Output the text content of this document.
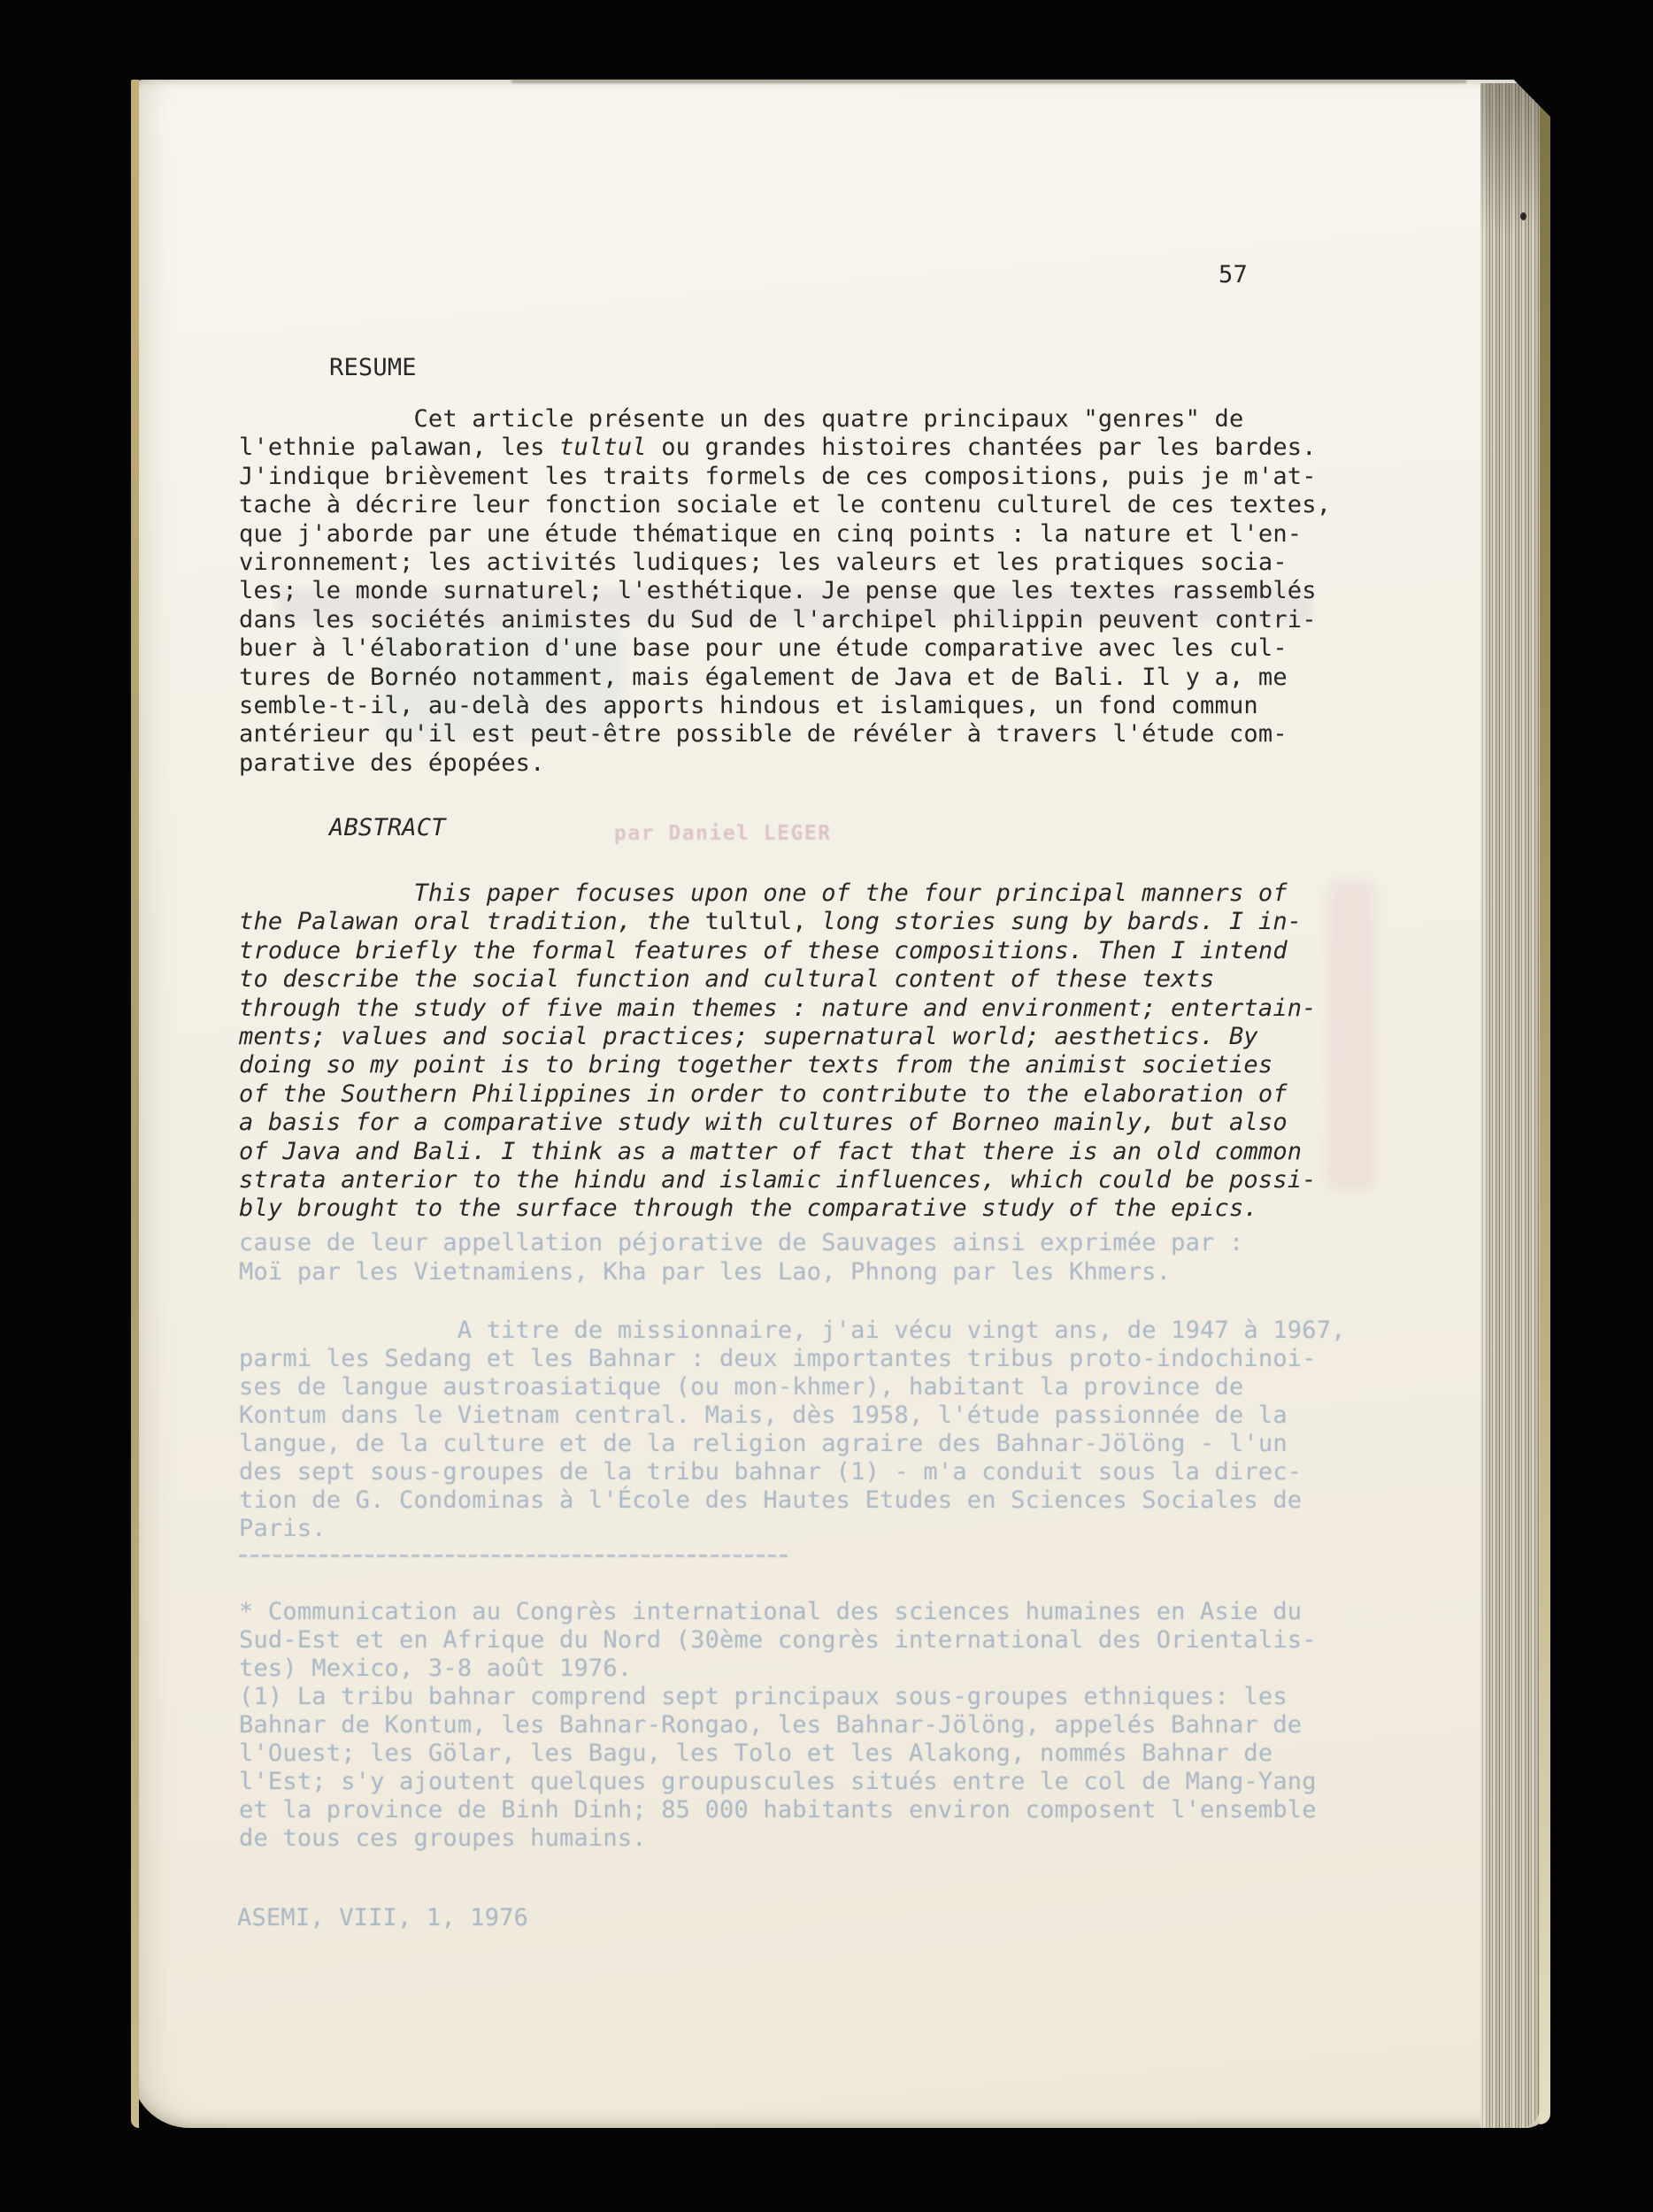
57
RESUME
Cet article présente un des quatre principaux "genres" de
l'ethnie palawan, les tultul ou grandes histoires chantées par les bardes.
J'indique brièvement les traits formels de ces compositions, puis je m'at-
tache à décrire leur fonction sociale et le contenu culturel de ces textes,
que j'aborde par une étude thématique en cinq points : la nature et l'en-
vironnement; les activités ludiques; les valeurs et les pratiques socia-
les; le monde surnaturel; l'esthétique. Je pense que les textes rassemblés
dans les sociétés animistes du Sud de l'archipel philippin peuvent contri-
buer à l'élaboration d'une base pour une étude comparative avec les cul-
tures de Bornéo notamment, mais également de Java et de Bali. Il y a, me
semble-t-il, au-delà des apports hindous et islamiques, un fond commun
antérieur qu'il est peut-être possible de révéler à travers l'étude com-
parative des épopées.
ABSTRACT	par Daniel LEGER
This paper focuses upon one of the four principal manners of
the Palawan oral tradition, the tultul, long stories sung by bards. I in-
troduce briefly the formal features of these compositions. Then I intend
to describe the social function and cultural content of these texts
through the study of five main themes : nature and environment; entertain-
ments; values and social practices; supernatural world; aesthetics. By
doing so my point is to bring together texts from the animist societies
of the Southern Philippines in order to contribute to the elaboration of
a basis for a comparative study with cultures of Borneo mainly, but also
of Java and Bali. I think as a matter of fact that there is an old common
strata anterior to the hindu and islamic influences, which could be possi-
bly brought to the surface through the comparative study of the epics.
cause de leur appellation péjorative de Sauvages ainsi exprimée par :
Moï par les Vietnamiens, Kha par les Lao, Phnong par les Khmers.
A titre de missionnaire, j'ai vécu vingt ans, de 1947 à 1967,
parmi les Sedang et les Bahnar : deux importantes tribus proto-indochinoi-
ses de langue austroasiatique (ou mon-khmer), habitant la province de
Kontum dans le Vietnam central. Mais, dès 1958, l'étude passionnée de la
langue, de la culture et de la religion agraire des Bahnar-Jölöng - l'un
des sept sous-groupes de la tribu bahnar (1) - m'a conduit sous la direc-
tion de G. Condominas à l'École des Hautes Etudes en Sciences Sociales de
Paris.
* Communication au Congrès international des sciences humaines en Asie du
Sud-Est et en Afrique du Nord (30ème congrès international des Orientalis-
tes) Mexico, 3-8 août 1976.
(1) La tribu bahnar comprend sept principaux sous-groupes ethniques: les
Bahnar de Kontum, les Bahnar-Rongao, les Bahnar-Jölöng, appelés Bahnar de
l'Ouest; les Gölar, les Bagu, les Tolo et les Alakong, nommés Bahnar de
l'Est; s'y ajoutent quelques groupuscules situés entre le col de Mang-Yang
et la province de Binh Dinh; 85 000 habitants environ composent l'ensemble
de tous ces groupes humains.
ASEMI, VIII, 1, 1976
